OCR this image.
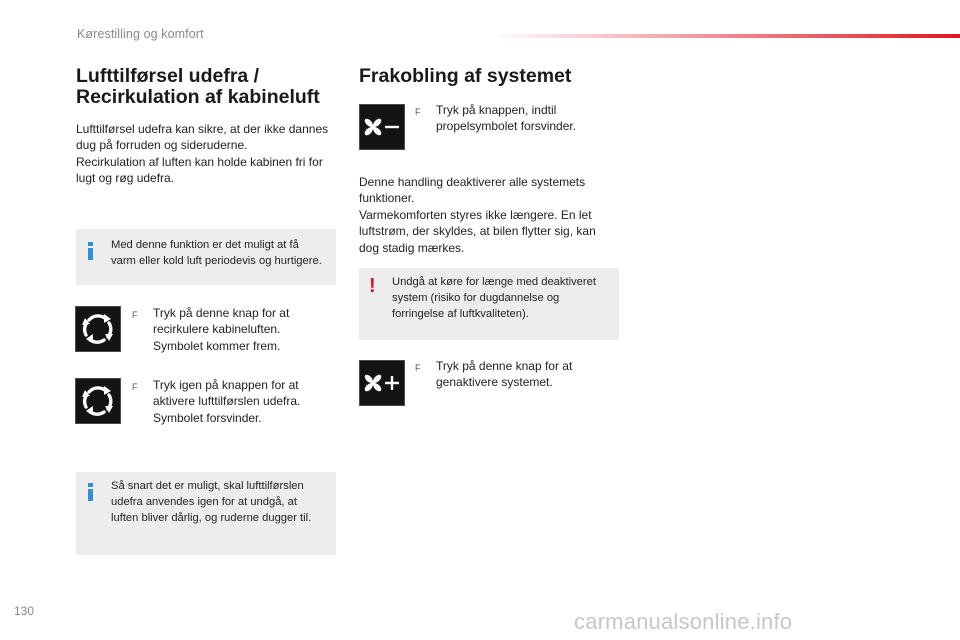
Kørestilling og komfort
Lufttilførsel udefra /
Recirkulation af kabineluft
Lufttilførsel udefra kan sikre, at der ikke dannes
dug på forruden og sideruderne.
Recirkulation af luften kan holde kabinen fri for
lugt og røg udefra.
Med denne funktion er det muligt at få
varm eller kold luft periodevis og hurtigere.
F Tryk på denne knap for at
recirkulere kabineluften.
Symbolet kommer frem.
F Tryk igen på knappen for at
aktivere lufttilførslen udefra.
Symbolet forsvinder.
Så snart det er muligt, skal lufttilførslen
udefra anvendes igen for at undgå, at
luften bliver dårlig, og ruderne dugger til.
Frakobling af systemet
F Tryk på knappen, indtil
propelsymbolet forsvinder.
Denne handling deaktiverer alle systemets
funktioner.
Varmekomforten styres ikke længere. En let
luftstrøm, der skyldes, at bilen flytter sig, kan
dog stadig mærkes.
! Undgå at køre for længe med deaktiveret
system (risiko for dugdannelse og
forringelse af luftkvaliteten).
F Tryk på denne knap for at
genaktivere systemet.
130	carmanualsonline.info
